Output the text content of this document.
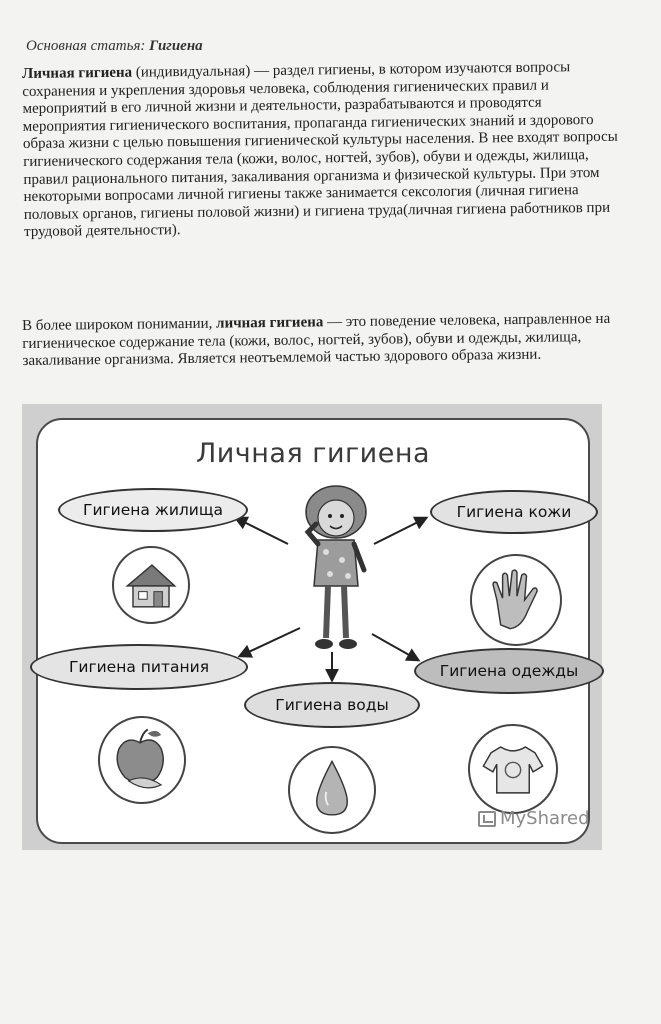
Основная статья: Гигиена
Личная гигиена (индивидуальная) — раздел гигиены, в котором изучаются вопросы сохранения и укрепления здоровья человека, соблюдения гигиенических правил и мероприятий в его личной жизни и деятельности, разрабатываются и проводятся мероприятия гигиенического воспитания, пропаганда гигиенических знаний и здорового образа жизни с целью повышения гигиенической культуры населения. В нее входят вопросы гигиенического содержания тела (кожи, волос, ногтей, зубов), обуви и одежды, жилища, правил рационального питания, закаливания организма и физической культуры. При этом некоторыми вопросами личной гигиены также занимается сексология (личная гигиена половых органов, гигиены половой жизни) и гигиена труда(личная гигиена работников при трудовой деятельности).
В более широком понимании, личная гигиена — это поведение человека, направленное на гигиеническое содержание тела (кожи, волос, ногтей, зубов), обуви и одежды, жилища, закаливание организма. Является неотъемлемой частью здорового образа жизни.
Личная гигиена
Гигиена жилища	Гигиена кожи
Гигиена питания	Гигиена одежды
Гигиена воды
MyShared
